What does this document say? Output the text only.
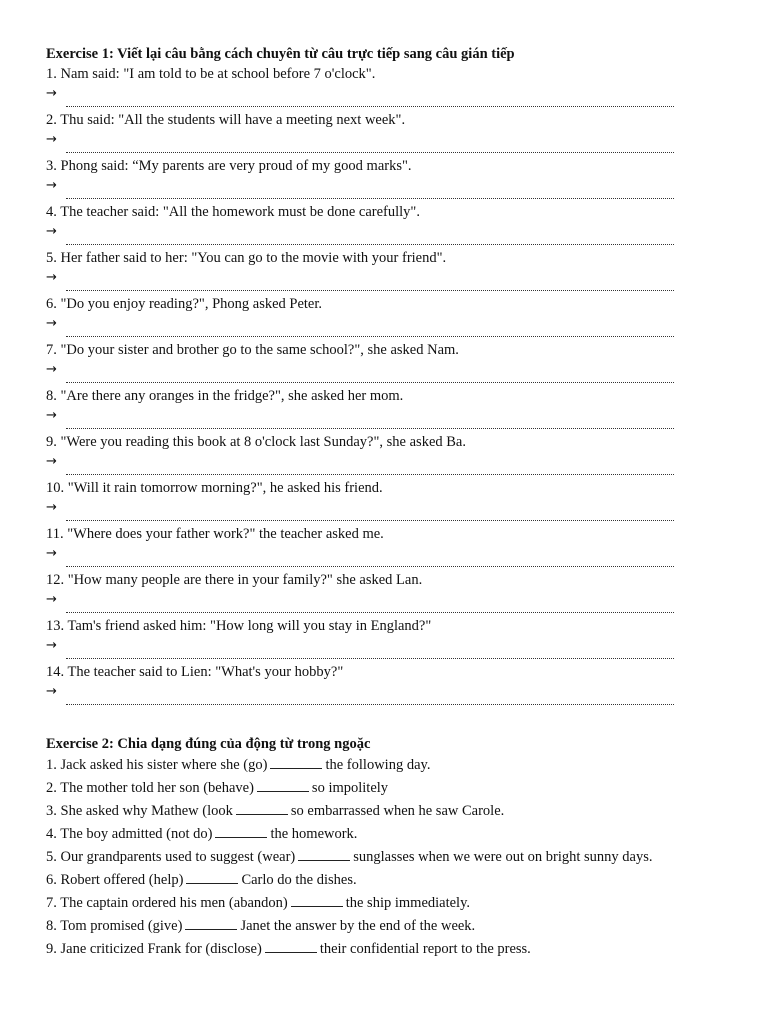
Exercise 1: Viết lại câu bằng cách chuyên từ câu trực tiếp sang câu gián tiếp
1. Nam said: "I am told to be at school before 7 o'clock".
→
2. Thu said: "All the students will have a meeting next week".
→
3. Phong said: “My parents are very proud of my good marks".
→
4. The teacher said: "All the homework must be done carefully".
→
5. Her father said to her: "You can go to the movie with your friend".
→
6. "Do you enjoy reading?", Phong asked Peter.
→
7. "Do your sister and brother go to the same school?", she asked Nam.
→
8. "Are there any oranges in the fridge?", she asked her mom.
→
9. "Were you reading this book at 8 o'clock last Sunday?", she asked Ba.
→
10. "Will it rain tomorrow morning?", he asked his friend.
→
11. "Where does your father work?" the teacher asked me.
→
12. "How many people are there in your family?" she asked Lan.
→
13. Tam's friend asked him: "How long will you stay in England?"
→
14. The teacher said to Lien: "What's your hobby?"
→
Exercise 2: Chia dạng đúng của động từ trong ngoặc
1. Jack asked his sister where she (go)	the following day.
2. The mother told her son (behave)	so impolitely
3. She asked why Mathew (look	so embarrassed when he saw Carole.
4. The boy admitted (not do)	the homework.
5. Our grandparents used to suggest (wear)	sunglasses when we were out on bright sunny days.
6. Robert offered (help)	Carlo do the dishes.
7. The captain ordered his men (abandon)	the ship immediately.
8. Tom promised (give)	Janet the answer by the end of the week.
9. Jane criticized Frank for (disclose)	their confidential report to the press.
